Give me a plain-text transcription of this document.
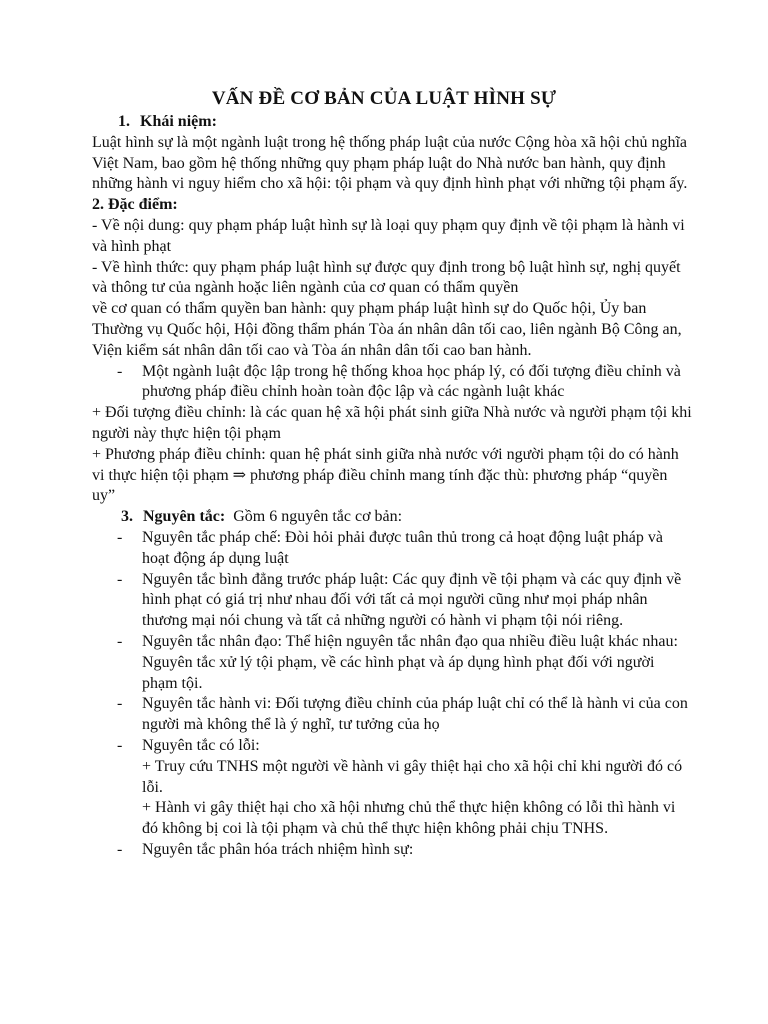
VẤN ĐỀ CƠ BẢN CỦA LUẬT HÌNH SỰ

1. Khái niệm:

Luật hình sự là một ngành luật trong hệ thống pháp luật của nước Cộng hòa xã hội chủ nghĩa Việt Nam, bao gồm hệ thống những quy phạm pháp luật do Nhà nước ban hành, quy định những hành vi nguy hiểm cho xã hội: tội phạm và quy định hình phạt với những tội phạm ấy.

2. Đặc điểm:

- Về nội dung: quy phạm pháp luật hình sự là loại quy phạm quy định về tội phạm là hành vi và hình phạt

- Về hình thức: quy phạm pháp luật hình sự được quy định trong bộ luật hình sự, nghị quyết và thông tư của ngành hoặc liên ngành của cơ quan có thẩm quyền

về cơ quan có thẩm quyền ban hành: quy phạm pháp luật hình sự do Quốc hội, Ủy ban Thường vụ Quốc hội, Hội đồng thẩm phán Tòa án nhân dân tối cao, liên ngành Bộ Công an, Viện kiểm sát nhân dân tối cao và Tòa án nhân dân tối cao ban hành.

-	Một ngành luật độc lập trong hệ thống khoa học pháp lý, có đối tượng điều chỉnh và phương pháp điều chỉnh hoàn toàn độc lập và các ngành luật khác

+ Đối tượng điều chỉnh: là các quan hệ xã hội phát sinh giữa Nhà nước và người phạm tội khi người này thực hiện tội phạm

+ Phương pháp điều chỉnh: quan hệ phát sinh giữa nhà nước với người phạm tội do có hành vi thực hiện tội phạm ⇒ phương pháp điều chỉnh mang tính đặc thù: phương pháp “quyền uy”

3. Nguyên tắc: Gồm 6 nguyên tắc cơ bản:

-	Nguyên tắc pháp chế: Đòi hỏi phải được tuân thủ trong cả hoạt động luật pháp và hoạt động áp dụng luật
-	Nguyên tắc bình đẳng trước pháp luật: Các quy định về tội phạm và các quy định về hình phạt có giá trị như nhau đối với tất cả mọi người cũng như mọi pháp nhân thương mại nói chung và tất cả những người có hành vi phạm tội nói riêng.
-	Nguyên tắc nhân đạo: Thể hiện nguyên tắc nhân đạo qua nhiều điều luật khác nhau: Nguyên tắc xử lý tội phạm, về các hình phạt và áp dụng hình phạt đối với người phạm tội.
-	Nguyên tắc hành vi: Đối tượng điều chỉnh của pháp luật chỉ có thể là hành vi của con người mà không thể là ý nghĩ, tư tưởng của họ
-	Nguyên tắc có lỗi:

+ Truy cứu TNHS một người về hành vi gây thiệt hại cho xã hội chỉ khi người đó có lỗi.

+ Hành vi gây thiệt hại cho xã hội nhưng chủ thể thực hiện không có lỗi thì hành vi đó không bị coi là tội phạm và chủ thể thực hiện không phải chịu TNHS.

-	Nguyên tắc phân hóa trách nhiệm hình sự:
